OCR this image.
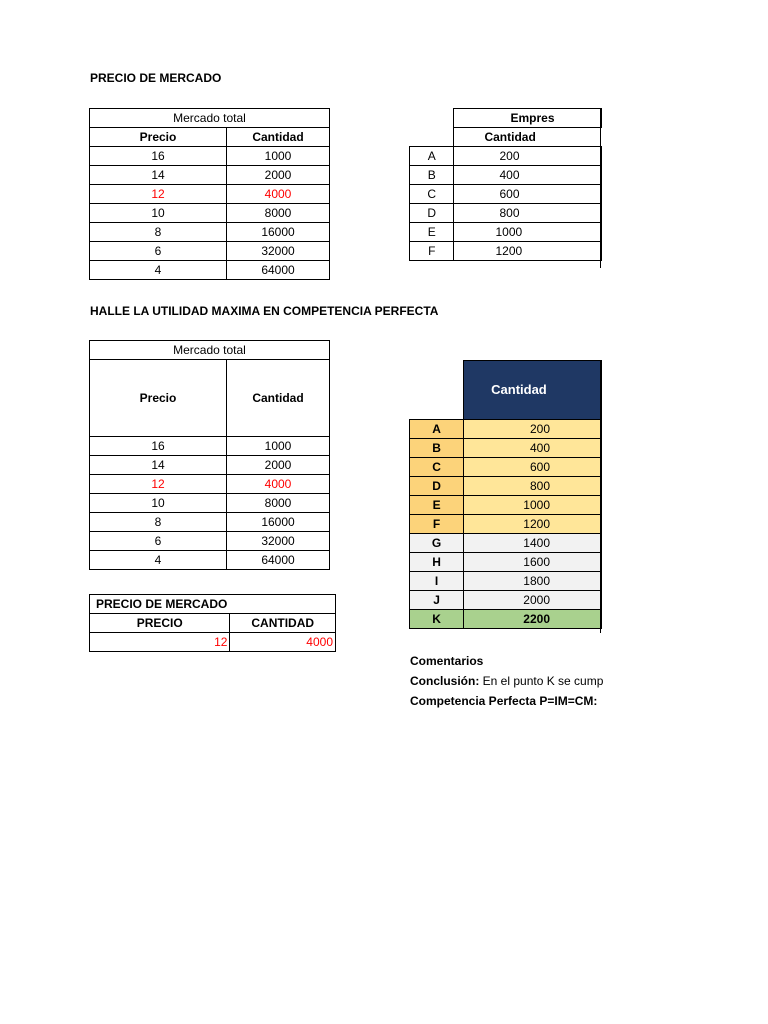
PRECIO DE MERCADO
Mercado total	
Precio	Cantidad
16	1000
14	2000
12	4000
10	8000
8	16000
6	32000
4	64000
	Empres
	Cantidad
A	200
B	400
C	600
D	800
E	1000
F	1200
HALLE LA UTILIDAD MAXIMA EN COMPETENCIA PERFECTA
Mercado total	
Precio	Cantidad
16	1000
14	2000
12	4000
10	8000
8	16000
6	32000
4	64000
PRECIO DE MERCADO	
PRECIO	CANTIDAD
12	4000
	Cantidad
A	200
B	400
C	600
D	800
E	1000
F	1200
G	1400
H	1600
I	1800
J	2000
K	2200
Comentarios
Conclusión: En el punto K se cump
Competencia Perfecta P=IM=CM:
